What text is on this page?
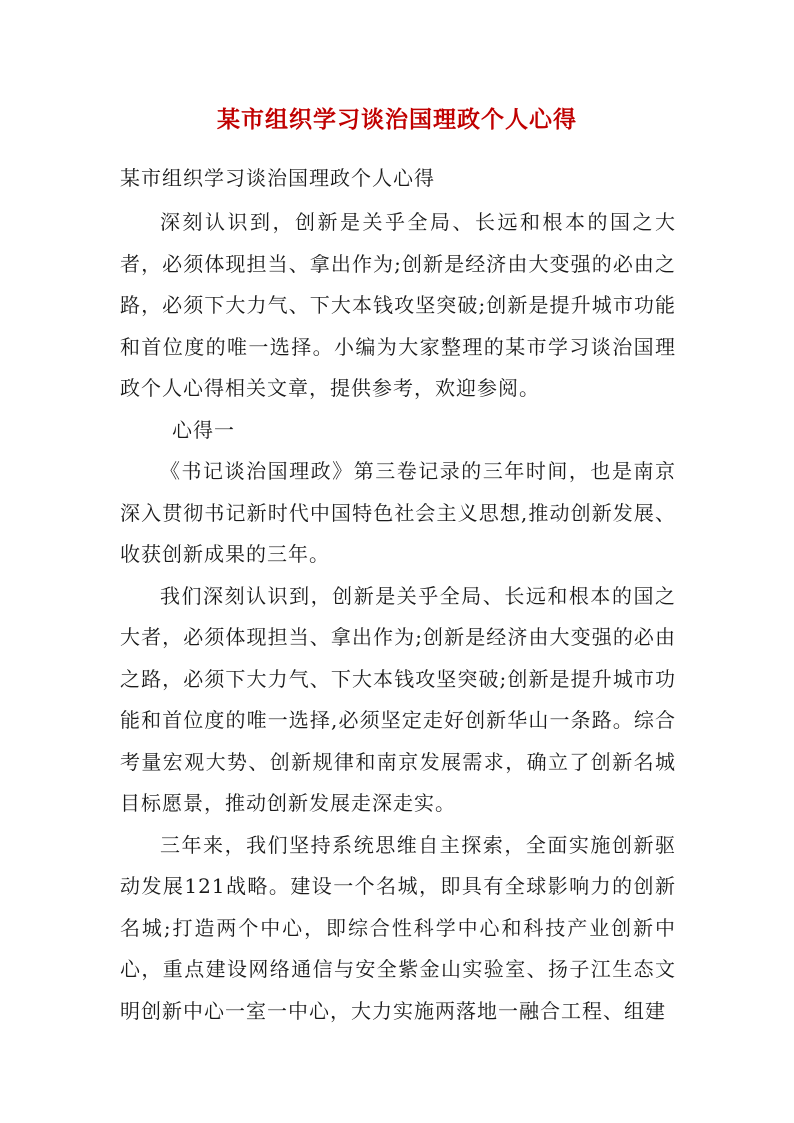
某市组织学习谈治国理政个人心得

某市组织学习谈治国理政个人心得

深刻认识到，创新是关乎全局、长远和根本的国之大者，必须体现担当、拿出作为;创新是经济由大变强的必由之路，必须下大力气、下大本钱攻坚突破;创新是提升城市功能和首位度的唯一选择。小编为大家整理的某市学习谈治国理政个人心得相关文章，提供参考，欢迎参阅。

心得一

《书记谈治国理政》第三卷记录的三年时间，也是南京深入贯彻书记新时代中国特色社会主义思想,推动创新发展、收获创新成果的三年。

我们深刻认识到，创新是关乎全局、长远和根本的国之大者，必须体现担当、拿出作为;创新是经济由大变强的必由之路，必须下大力气、下大本钱攻坚突破;创新是提升城市功能和首位度的唯一选择,必须坚定走好创新华山一条路。综合考量宏观大势、创新规律和南京发展需求，确立了创新名城目标愿景，推动创新发展走深走实。

三年来，我们坚持系统思维自主探索，全面实施创新驱动发展121战略。建设一个名城，即具有全球影响力的创新名城;打造两个中心，即综合性科学中心和科技产业创新中心，重点建设网络通信与安全紫金山实验室、扬子江生态文明创新中心一室一中心，大力实施两落地一融合工程、组建
